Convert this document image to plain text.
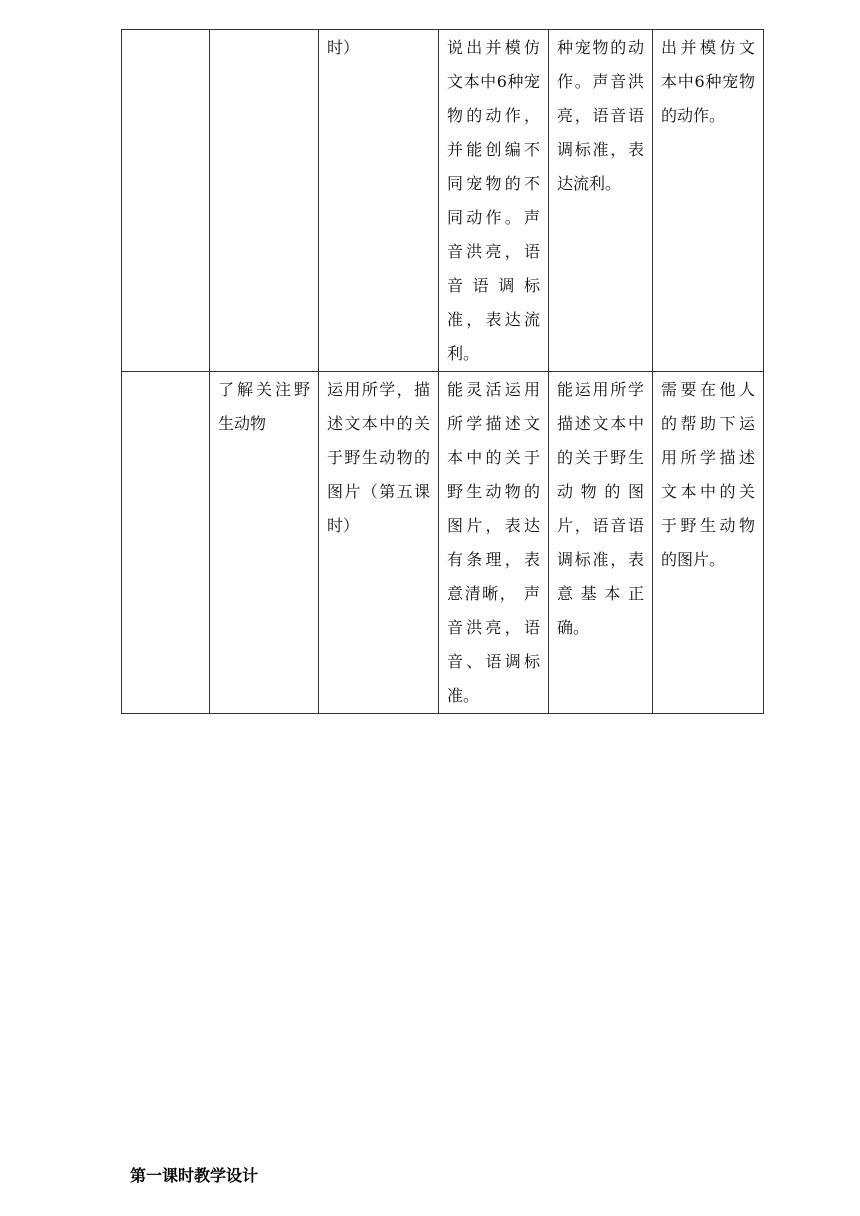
		时）	说出并模仿文本中6种宠物的动作，并能创编不同宠物的不同动作。声音洪亮，语音语调标准，表达流利。	种宠物的动作。声音洪亮，语音语调标准，表达流利。	出并模仿文本中6种宠物的动作。
	了解关注野生动物	运用所学，描述文本中的关于野生动物的图片（第五课时）	能灵活运用所学描述文本中的关于野生动物的图片，表达有条理，表意清晰， 声音洪亮，语音、语调标准。	能运用所学描述文本中的关于野生动物的图片，语音语调标准，表意基本正确。	需要在他人的帮助下运用所学描述文本中的关于野生动物的图片。
第一课时教学设计
